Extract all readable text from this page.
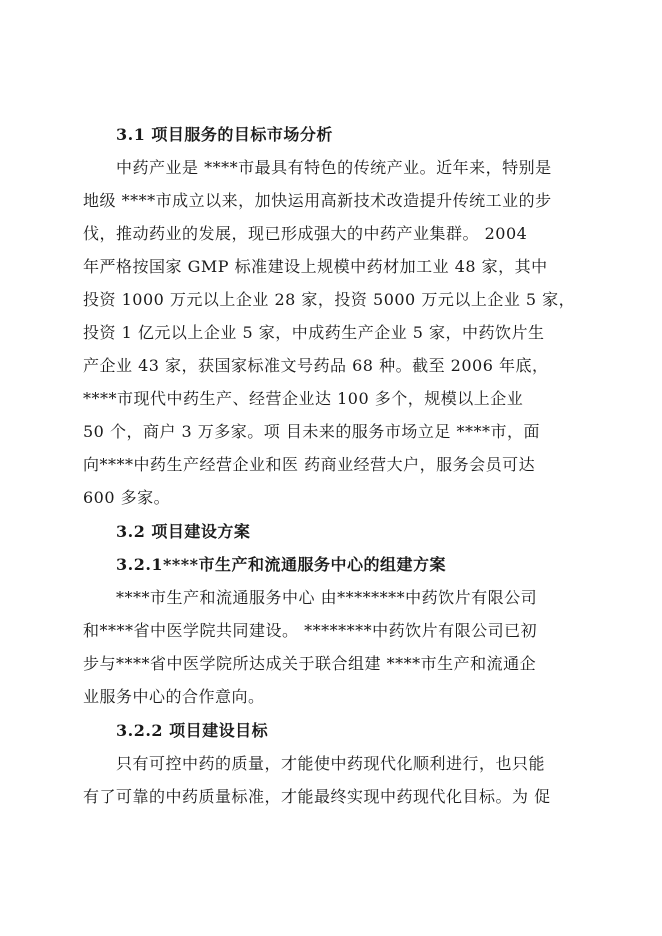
3.1 项目服务的目标市场分析
中药产业是 ****市最具有特色的传统产业。近年来，特别是
地级 ****市成立以来，加快运用高新技术改造提升传统工业的步
伐，推动药业的发展，现已形成强大的中药产业集群。 2004
年严格按国家 GMP 标准建设上规模中药材加工业 48 家，其中
投资 1000 万元以上企业 28 家，投资 5000 万元以上企业 5 家，
投资 1 亿元以上企业 5 家，中成药生产企业 5 家，中药饮片生
产企业 43 家，获国家标准文号药品 68 种。截至 2006 年底，
****市现代中药生产、经营企业达 100 多个，规模以上企业
50 个，商户 3 万多家。项 目未来的服务市场立足 ****市，面
向****中药生产经营企业和医 药商业经营大户，服务会员可达
600 多家。
3.2 项目建设方案
3.2.1****市生产和流通服务中心的组建方案
****市生产和流通服务中心 由********中药饮片有限公司
和****省中医学院共同建设。 ********中药饮片有限公司已初
步与****省中医学院所达成关于联合组建 ****市生产和流通企
业服务中心的合作意向。
3.2.2 项目建设目标
只有可控中药的质量，才能使中药现代化顺利进行，也只能
有了可靠的中药质量标准，才能最终实现中药现代化目标。为 促
